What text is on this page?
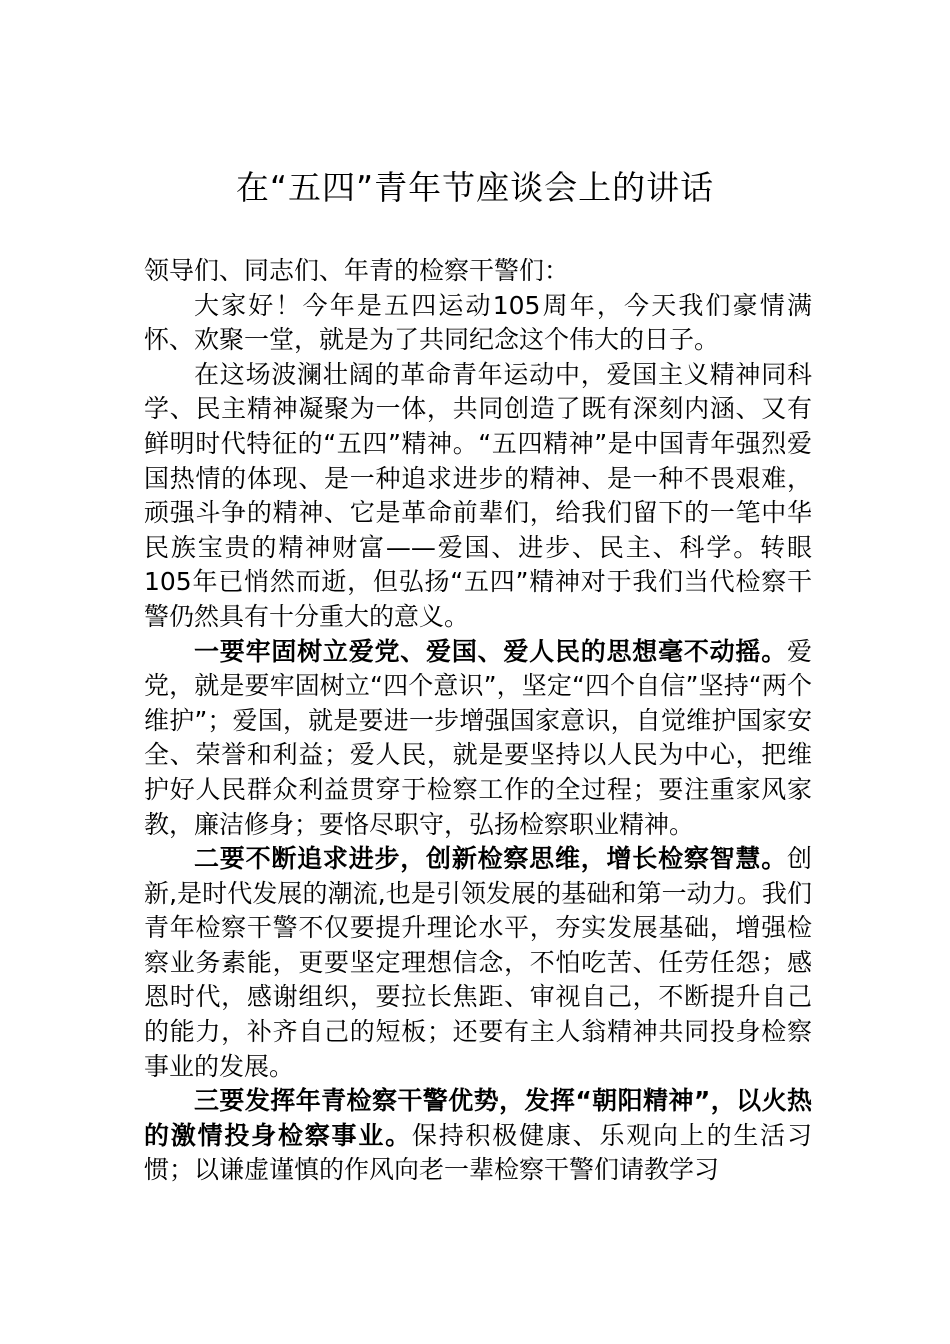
在“五四”青年节座谈会上的讲话

领导们、同志们、年青的检察干警们：

大家好！今年是五四运动105周年，今天我们豪情满怀、欢聚一堂，就是为了共同纪念这个伟大的日子。

在这场波澜壮阔的革命青年运动中，爱国主义精神同科学、民主精神凝聚为一体，共同创造了既有深刻内涵、又有鲜明时代特征的“五四”精神。“五四精神”是中国青年强烈爱国热情的体现、是一种追求进步的精神、是一种不畏艰难，顽强斗争的精神、它是革命前辈们，给我们留下的一笔中华民族宝贵的精神财富——爱国、进步、民主、科学。转眼105年已悄然而逝，但弘扬“五四”精神对于我们当代检察干警仍然具有十分重大的意义。

一要牢固树立爱党、爱国、爱人民的思想毫不动摇。爱党，就是要牢固树立“四个意识”，坚定“四个自信”坚持“两个维护”；爱国，就是要进一步增强国家意识，自觉维护国家安全、荣誉和利益；爱人民，就是要坚持以人民为中心，把维护好人民群众利益贯穿于检察工作的全过程；要注重家风家教，廉洁修身；要恪尽职守，弘扬检察职业精神。

二要不断追求进步，创新检察思维，增长检察智慧。创新,是时代发展的潮流,也是引领发展的基础和第一动力。我们青年检察干警不仅要提升理论水平，夯实发展基础，增强检察业务素能，更要坚定理想信念，不怕吃苦、任劳任怨；感恩时代，感谢组织，要拉长焦距、审视自己，不断提升自己的能力，补齐自己的短板；还要有主人翁精神共同投身检察事业的发展。

三要发挥年青检察干警优势，发挥“朝阳精神”，以火热的激情投身检察事业。保持积极健康、乐观向上的生活习惯；以谦虚谨慎的作风向老一辈检察干警们请教学习
